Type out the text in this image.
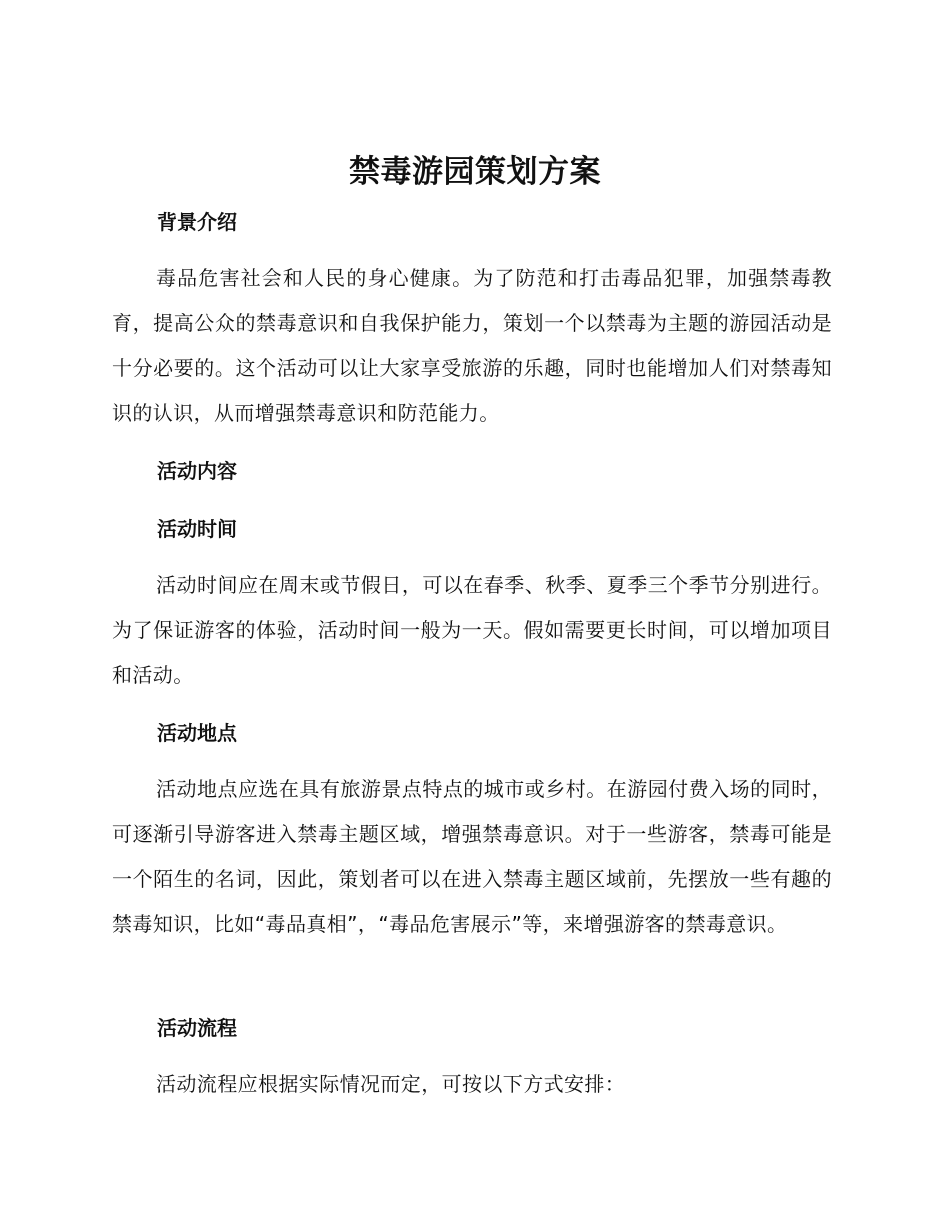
禁毒游园策划方案
背景介绍
毒品危害社会和人民的身心健康。为了防范和打击毒品犯罪，加强禁毒教育，提高公众的禁毒意识和自我保护能力，策划一个以禁毒为主题的游园活动是十分必要的。这个活动可以让大家享受旅游的乐趣，同时也能增加人们对禁毒知识的认识，从而增强禁毒意识和防范能力。
活动内容
活动时间
活动时间应在周末或节假日，可以在春季、秋季、夏季三个季节分别进行。为了保证游客的体验，活动时间一般为一天。假如需要更长时间，可以增加项目和活动。
活动地点
活动地点应选在具有旅游景点特点的城市或乡村。在游园付费入场的同时，可逐渐引导游客进入禁毒主题区域，增强禁毒意识。对于一些游客，禁毒可能是一个陌生的名词，因此，策划者可以在进入禁毒主题区域前，先摆放一些有趣的禁毒知识，比如“毒品真相”，“毒品危害展示”等，来增强游客的禁毒意识。
活动流程
活动流程应根据实际情况而定，可按以下方式安排：
